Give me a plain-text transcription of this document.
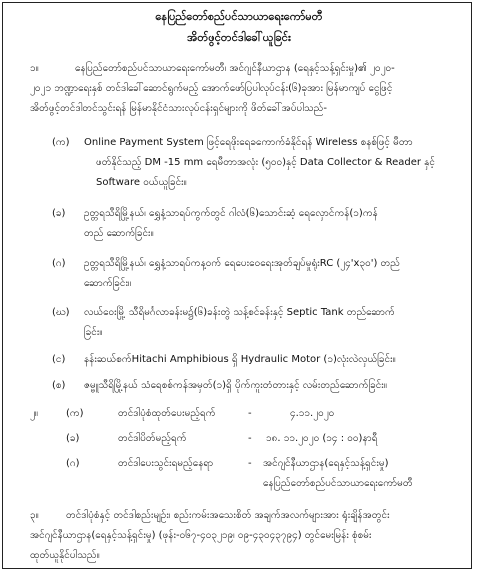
နေပြည်တော်စည်ပင်သာယာရေးကော်မတီ
အိတ်ဖွင့်တင်ဒါခေါ်ယူခြင်း
၁။	နေပြည်တော်စည်ပင်သာယာရေးကော်မတီ၊ အင်ဂျင်နီယာဌာန (ရေနှင့်သန့်ရှင်းမှု)၏ ၂၀၂၀-
၂၀၂၁ ဘဏ္ဍာရေးနှစ် တင်ဒါခေါ်ဆောင်ရွက်မည့် အောက်ဖော်ပြပါလုပ်ငန်း(၆)ခုအား မြန်မာကျပ် ငွေဖြင့်
အိတ်ဖွင့်တင်ဒါတင်သွင်းရန် မြန်မာနိုင်ငံသားလုပ်ငန်းရှင်များကို ဖိတ်ခေါ်အပ်ပါသည်-
(က) Online Payment System ဖြင့်ရေဖိုးရေခကောက်ခံနိုင်ရန် Wireless စနစ်ဖြင့် မီတာ
ဖတ်နိုင်သည့် DM -15 mm ရေမီတာအလုံး (၅၀၀)နှင့် Data Collector & Reader နှင့်
Software ဝယ်ယူခြင်း။
(ခ) ဥတ္တရသီရိမြို့နယ်၊ ရွှေနံ့သာရပ်ကွက်တွင် ဂါလံ(၆)သောင်းဆံ့ ရေလှောင်ကန်(၁)ကန်
တည် ဆောက်ခြင်း။
(ဂ) ဥတ္တရသီရိမြို့နယ်၊ ရွှေနံ့သာရပ်ကန့၀က် ရေပေးဝေရေးအုတ်ချပ်မှုရုံးRC (၂၄'x၃၀') တည်
ဆောက်ခြင်း။
(ဃ) လယ်ဝေးမြို့ သီရိမင်္ဂလာခန်းမ၌(၆)ခန်းတွဲ သန့်စင်ခန်းနှင့် Septic Tank တည်ဆောက်
ခြင်း။
(င) နန်းဆယ်စက်Hitachi Amphibious ရှိ Hydraulic Motor (၁)လုံးလဲလှယ်ခြင်း။
(စ) ဇမ္ဗူသီရိမြို့နယ် သံရေစစ်ကန်အမှတ်(၁)ရှိ ပိုက်ကူးတံတားနှင့် လမ်းတည်ဆောက်ခြင်း။
၂။	(က)	တင်ဒါပုံစံထုတ်ပေးမည့်ရက်	-	၄.၁၁.၂၀၂၀
(ခ)	တင်ဒါပိတ်မည့်ရက်	- ၁၈. ၁၁.၂၀၂၀ (၁၄ : ၀၀)နာရီ
(ဂ)	တင်ဒါပေးသွင်းရမည့်နေရာ	- အင်ဂျင်နီယာဌာန(ရေနှင့်သန့်ရှင်းမှု)
နေပြည်တော်စည်ပင်သာယာရေးကော်မတီ
၃။	တင်ဒါပုံစံနှင့် တင်ဒါစည်းမျဉ်း၊ စည်းကမ်းအသေးစိတ် အချက်အလက်များအား ရုံးချိန်အတွင်း
အင်ဂျင်နီယာဌာန(ရေနှင့်သန့်ရှင်းမှု) (ဖုန်း-၀၆၇-၄၀၃၂၁၉၊ ၀၉-၄၃၀၄၃၇၉၄) တွင်မေးမြန်း စုံစမ်း
ထုတ်ယူနိုင်ပါသည်။
